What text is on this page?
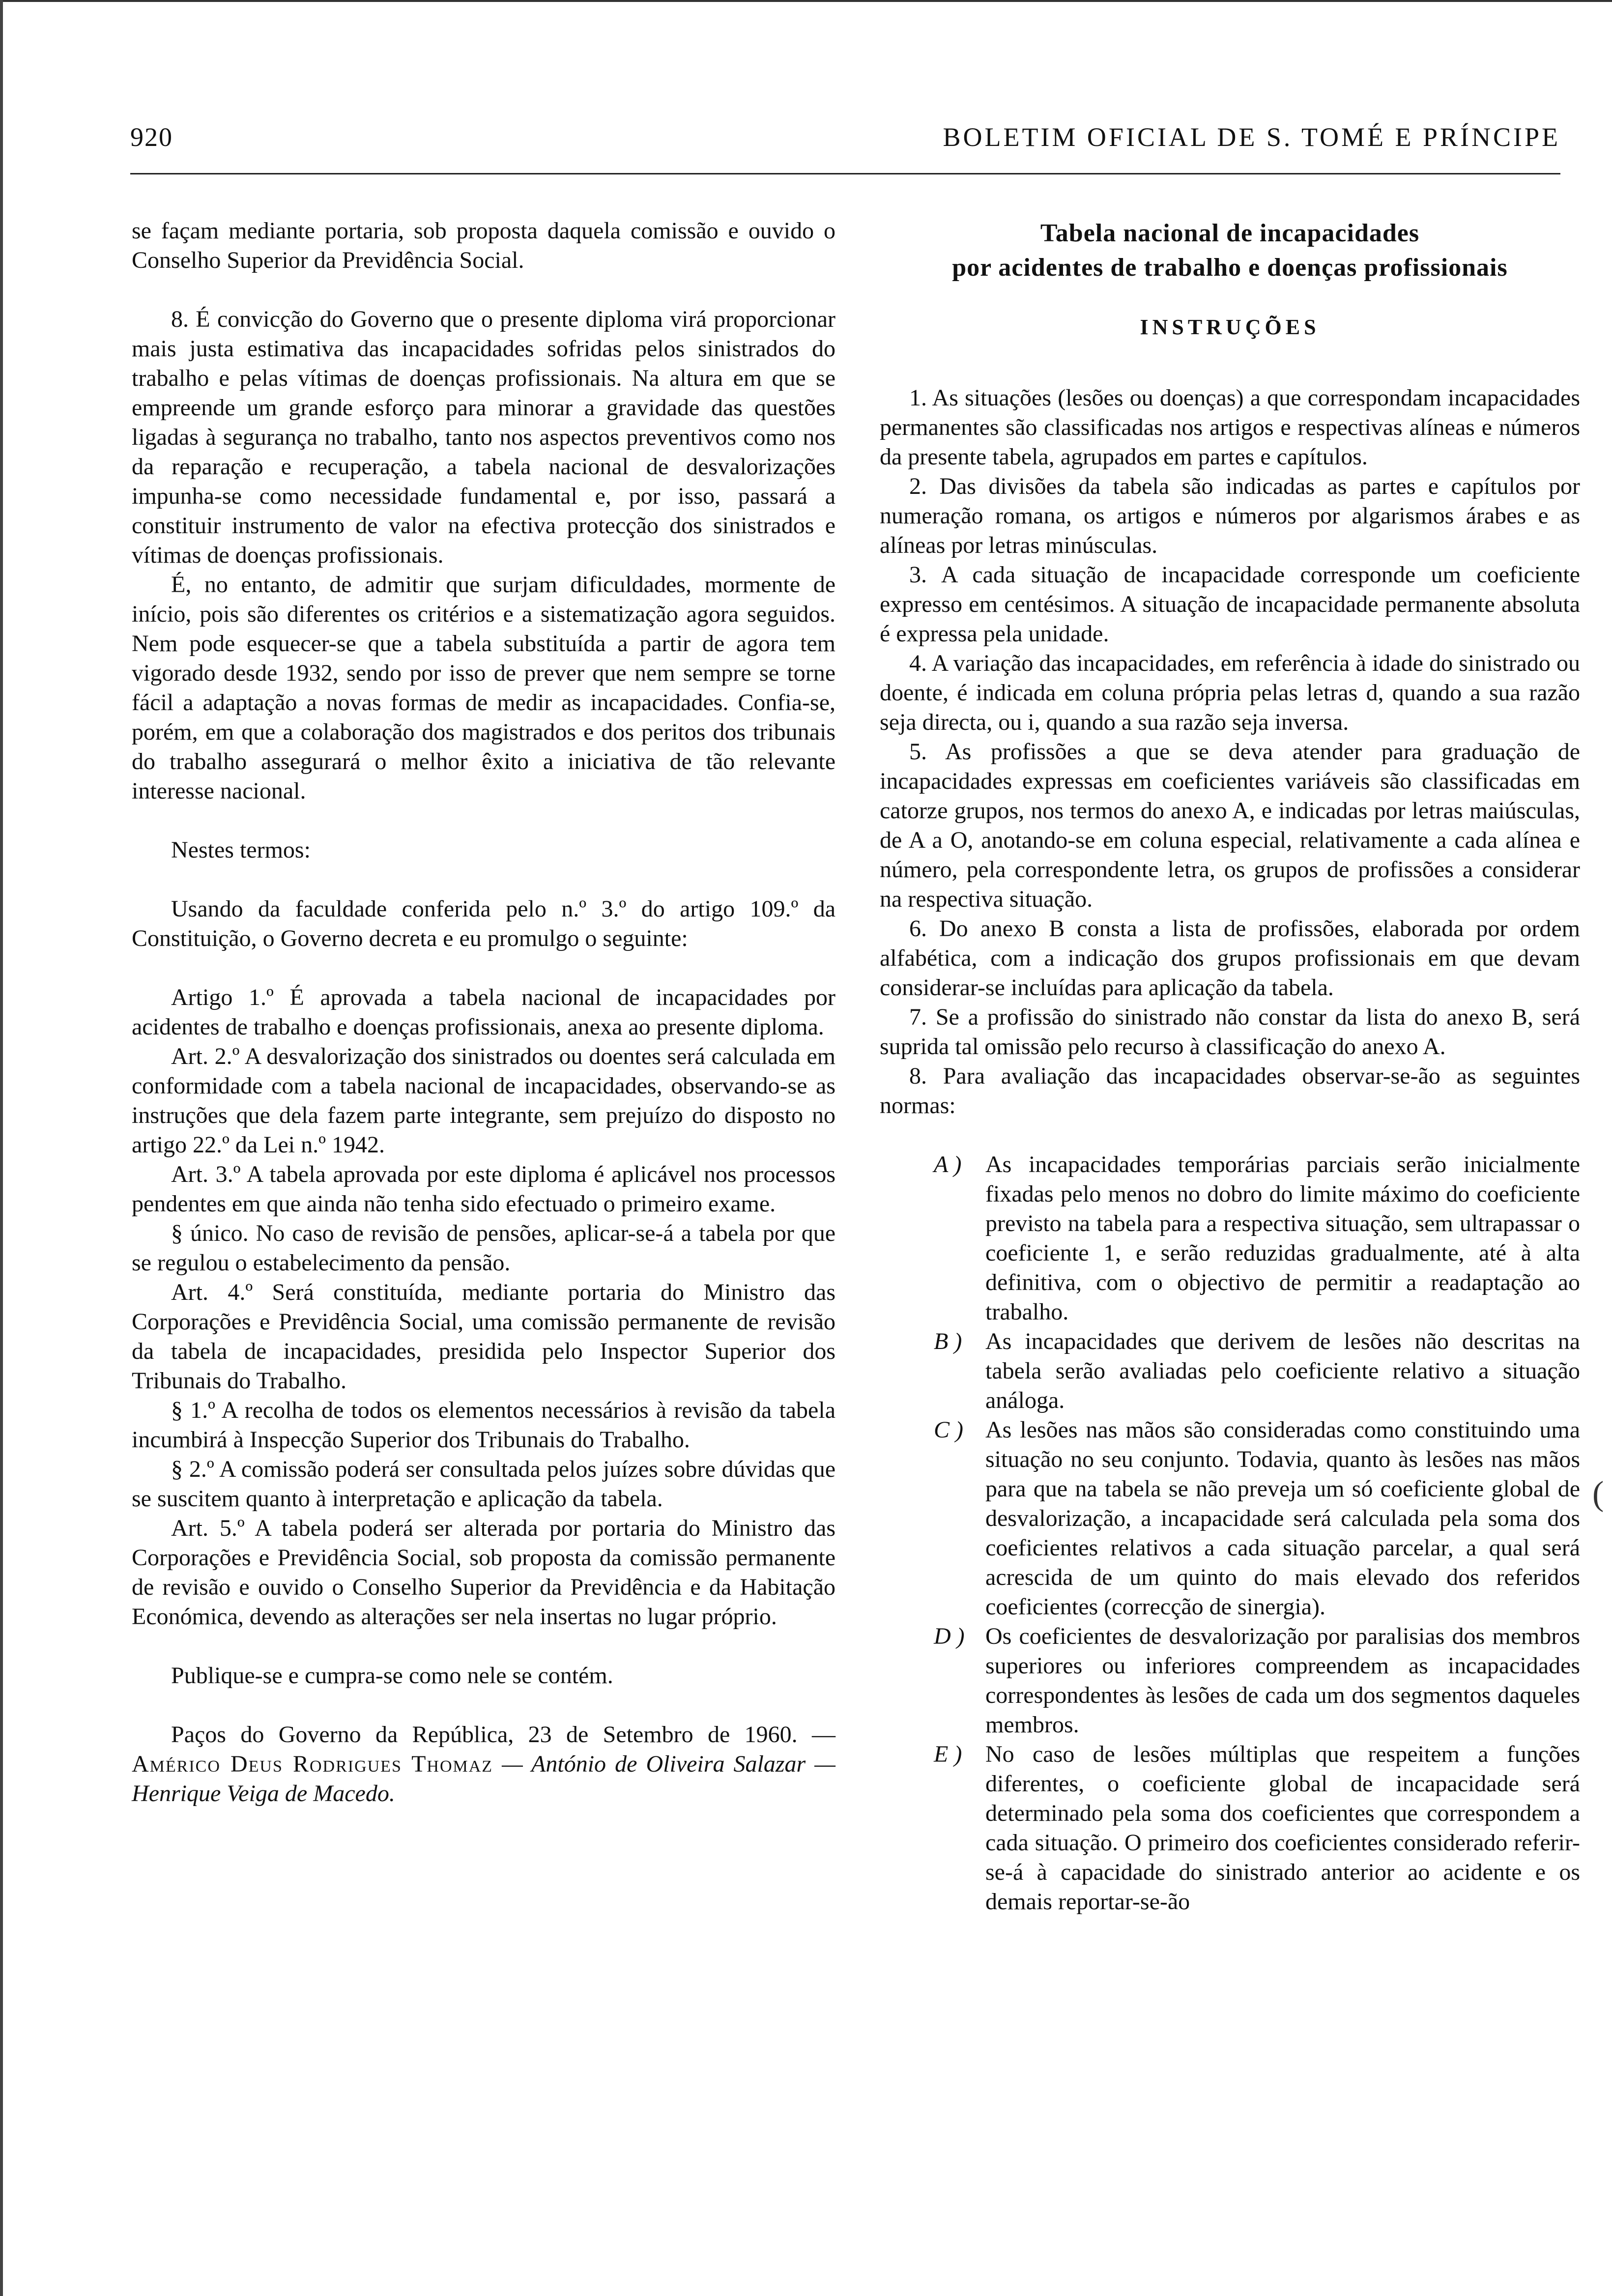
920	BOLETIM OFICIAL DE S. TOMÉ E PRÍNCIPE

se façam mediante portaria, sob proposta daquela comissão e ouvido o Conselho Superior da Previdência Social.

8. É convicção do Governo que o presente diploma virá proporcionar mais justa estimativa das incapacidades sofridas pelos sinistrados do trabalho e pelas vítimas de doenças profissionais. Na altura em que se empreende um grande esforço para minorar a gravidade das questões ligadas à segurança no trabalho, tanto nos aspectos preventivos como nos da reparação e recuperação, a tabela nacional de desvalorizações impunha-se como necessidade fundamental e, por isso, passará a constituir instrumento de valor na efectiva protecção dos sinistrados e vítimas de doenças profissionais.

É, no entanto, de admitir que surjam dificuldades, mormente de início, pois são diferentes os critérios e a sistematização agora seguidos. Nem pode esquecer-se que a tabela substituída a partir de agora tem vigorado desde 1932, sendo por isso de prever que nem sempre se torne fácil a adaptação a novas formas de medir as incapacidades. Confia-se, porém, em que a colaboração dos magistrados e dos peritos dos tribunais do trabalho assegurará o melhor êxito a iniciativa de tão relevante interesse nacional.

Nestes termos:

Usando da faculdade conferida pelo n.º 3.º do artigo 109.º da Constituição, o Governo decreta e eu promulgo o seguinte:

Artigo 1.º É aprovada a tabela nacional de incapacidades por acidentes de trabalho e doenças profissionais, anexa ao presente diploma.

Art. 2.º A desvalorização dos sinistrados ou doentes será calculada em conformidade com a tabela nacional de incapacidades, observando-se as instruções que dela fazem parte integrante, sem prejuízo do disposto no artigo 22.º da Lei n.º 1942.

Art. 3.º A tabela aprovada por este diploma é aplicável nos processos pendentes em que ainda não tenha sido efectuado o primeiro exame.

§ único. No caso de revisão de pensões, aplicar-se-á a tabela por que se regulou o estabelecimento da pensão.

Art. 4.º Será constituída, mediante portaria do Ministro das Corporações e Previdência Social, uma comissão permanente de revisão da tabela de incapacidades, presidida pelo Inspector Superior dos Tribunais do Trabalho.

§ 1.º A recolha de todos os elementos necessários à revisão da tabela incumbirá à Inspecção Superior dos Tribunais do Trabalho.

§ 2.º A comissão poderá ser consultada pelos juízes sobre dúvidas que se suscitem quanto à interpretação e aplicação da tabela.

Art. 5.º A tabela poderá ser alterada por portaria do Ministro das Corporações e Previdência Social, sob proposta da comissão permanente de revisão e ouvido o Conselho Superior da Previdência e da Habitação Económica, devendo as alterações ser nela insertas no lugar próprio.

Publique-se e cumpra-se como nele se contém.

Paços do Governo da República, 23 de Setembro de 1960. — Américo Deus Rodrigues Thomaz — António de Oliveira Salazar — Henrique Veiga de Macedo.

Tabela nacional de incapacidades

por acidentes de trabalho e doenças profissionais

INSTRUÇÕES

1. As situações (lesões ou doenças) a que correspondam incapacidades permanentes são classificadas nos artigos e respectivas alíneas e números da presente tabela, agrupados em partes e capítulos.

2. Das divisões da tabela são indicadas as partes e capítulos por numeração romana, os artigos e números por algarismos árabes e as alíneas por letras minúsculas.

3. A cada situação de incapacidade corresponde um coeficiente expresso em centésimos. A situação de incapacidade permanente absoluta é expressa pela unidade.

4. A variação das incapacidades, em referência à idade do sinistrado ou doente, é indicada em coluna própria pelas letras d, quando a sua razão seja directa, ou i, quando a sua razão seja inversa.

5. As profissões a que se deva atender para graduação de incapacidades expressas em coeficientes variáveis são classificadas em catorze grupos, nos termos do anexo A, e indicadas por letras maiúsculas, de A a O, anotando-se em coluna especial, relativamente a cada alínea e número, pela correspondente letra, os grupos de profissões a considerar na respectiva situação.

6. Do anexo B consta a lista de profissões, elaborada por ordem alfabética, com a indicação dos grupos profissionais em que devam considerar-se incluídas para aplicação da tabela.

7. Se a profissão do sinistrado não constar da lista do anexo B, será suprida tal omissão pelo recurso à classificação do anexo A.

8. Para avaliação das incapacidades observar-se-ão as seguintes normas:

A ) As incapacidades temporárias parciais serão inicialmente fixadas pelo menos no dobro do limite máximo do coeficiente previsto na tabela para a respectiva situação, sem ultrapassar o coeficiente 1, e serão reduzidas gradualmente, até à alta definitiva, com o objectivo de permitir a readaptação ao trabalho.

B ) As incapacidades que derivem de lesões não descritas na tabela serão avaliadas pelo coeficiente relativo a situação análoga.

C ) As lesões nas mãos são consideradas como constituindo uma situação no seu conjunto. Todavia, quanto às lesões nas mãos para que na tabela se não preveja um só coeficiente global de desvalorização, a incapacidade será calculada pela soma dos coeficientes relativos a cada situação parcelar, a qual será acrescida de um quinto do mais elevado dos referidos coeficientes (correcção de sinergia).

D ) Os coeficientes de desvalorização por paralisias dos membros superiores ou inferiores compreendem as incapacidades correspondentes às lesões de cada um dos segmentos daqueles membros.

E ) No caso de lesões múltiplas que respeitem a funções diferentes, o coeficiente global de incapacidade será determinado pela soma dos coeficientes que correspondem a cada situação. O primeiro dos coeficientes considerado referir-se-á à capacidade do sinistrado anterior ao acidente e os demais reportar-se-ão

(
